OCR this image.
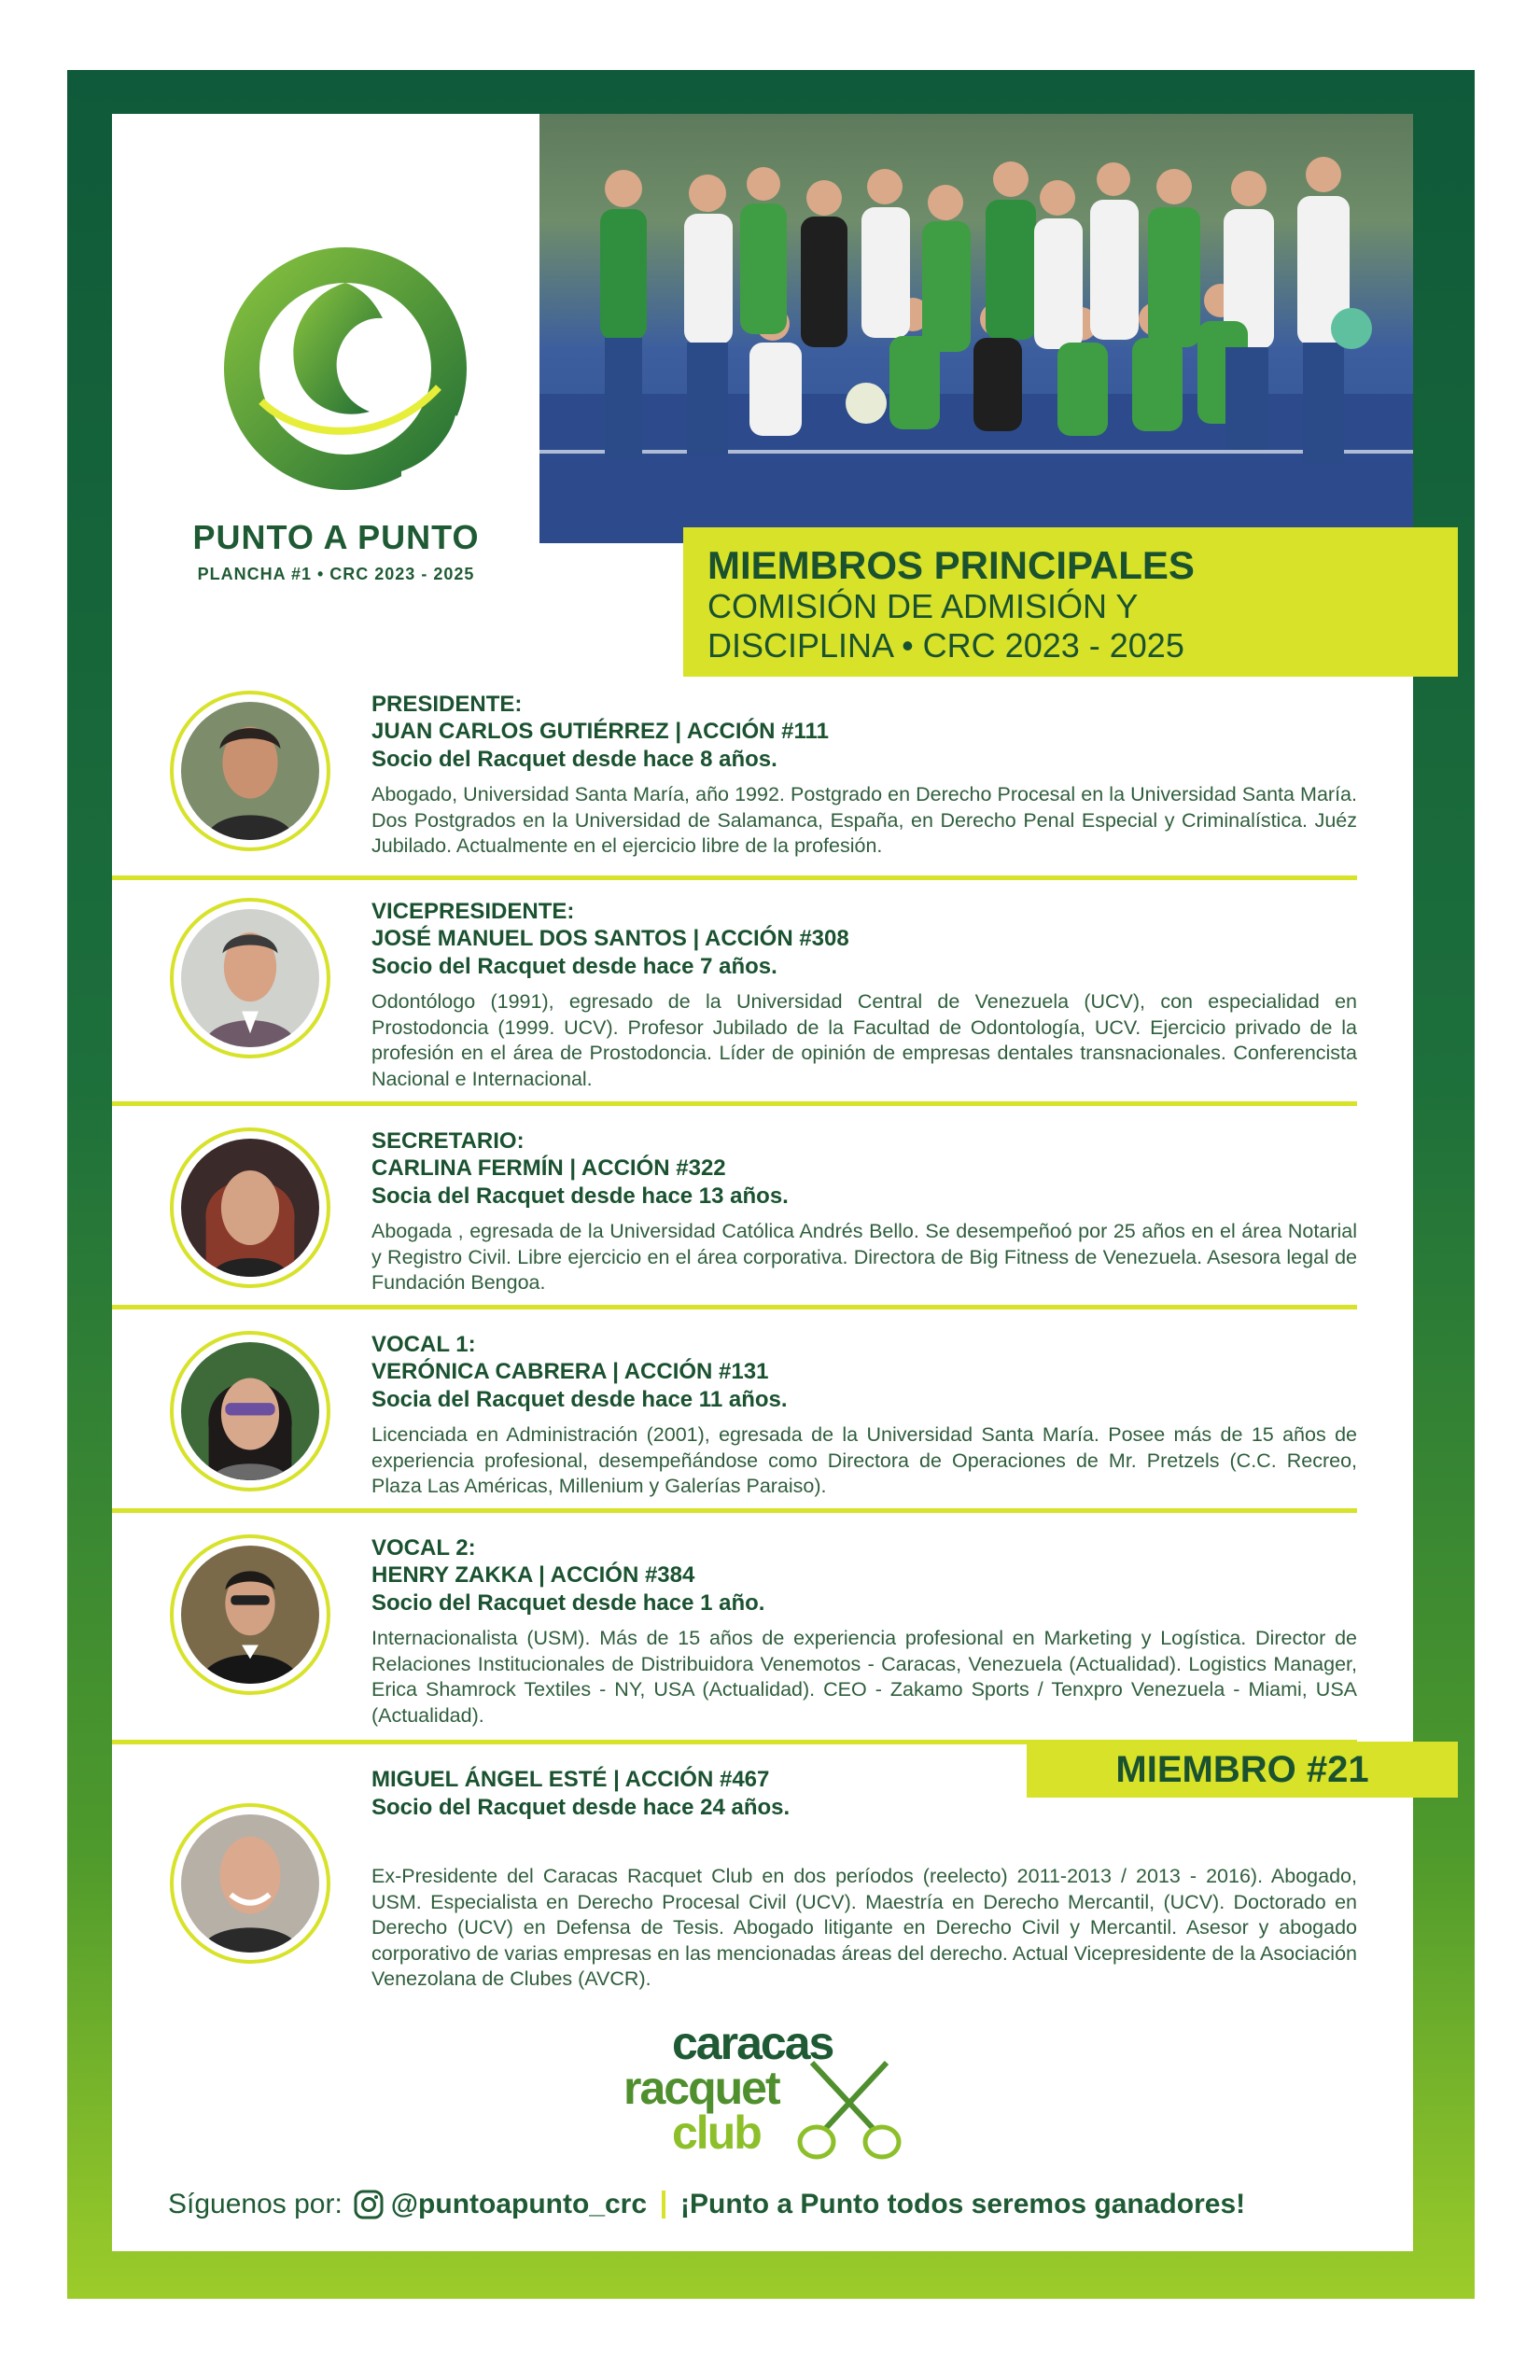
PUNTO A PUNTO
PLANCHA #1 • CRC 2023 - 2025	MIEMBROS PRINCIPALES
COMISIÓN DE ADMISIÓN Y
DISCIPLINA • CRC 2023 - 2025
PRESIDENTE:
JUAN CARLOS GUTIÉRREZ | ACCIÓN #111
Socio del Racquet desde hace 8 años.
Abogado, Universidad Santa María, año 1992. Postgrado en Derecho Procesal en la Universidad Santa María. Dos Postgrados en la Universidad de Salamanca, España, en Derecho Penal Especial y Criminalística. Juéz Jubilado. Actualmente en el ejercicio libre de la profesión.
VICEPRESIDENTE:
JOSÉ MANUEL DOS SANTOS | ACCIÓN #308
Socio del Racquet desde hace 7 años.
Odontólogo (1991), egresado de la Universidad Central de Venezuela (UCV), con especialidad en Prostodoncia (1999. UCV). Profesor Jubilado de la Facultad de Odontología, UCV. Ejercicio privado de la profesión en el área de Prostodoncia. Líder de opinión de empresas dentales transnacionales. Conferencista Nacional e Internacional.
SECRETARIO:
CARLINA FERMÍN | ACCIÓN #322
Socia del Racquet desde hace 13 años.
Abogada , egresada de la Universidad Católica Andrés Bello. Se desempeñoó por 25 años en el área Notarial y Registro Civil. Libre ejercicio en el área corporativa. Directora de Big Fitness de Venezuela. Asesora legal de Fundación Bengoa.
VOCAL 1:
VERÓNICA CABRERA | ACCIÓN #131
Socia del Racquet desde hace 11 años.
Licenciada en Administración (2001), egresada de la Universidad Santa María. Posee más de 15 años de experiencia profesional, desempeñándose como Directora de Operaciones de Mr. Pretzels (C.C. Recreo, Plaza Las Américas, Millenium y Galerías Paraiso).
VOCAL 2:
HENRY ZAKKA | ACCIÓN #384
Socio del Racquet desde hace 1 año.
Internacionalista (USM). Más de 15 años de experiencia profesional en Marketing y Logística. Director de Relaciones Institucionales de Distribuidora Venemotos - Caracas, Venezuela (Actualidad). Logistics Manager, Erica Shamrock Textiles - NY, USA (Actualidad). CEO - Zakamo Sports / Tenxpro Venezuela - Miami, USA (Actualidad).
MIEMBRO #21
MIGUEL ÁNGEL ESTÉ | ACCIÓN #467
Socio del Racquet desde hace 24 años.
Ex-Presidente del Caracas Racquet Club en dos períodos (reelecto) 2011-2013 / 2013 - 2016). Abogado, USM. Especialista en Derecho Procesal Civil (UCV). Maestría en Derecho Mercantil, (UCV). Doctorado en Derecho (UCV) en Defensa de Tesis. Abogado litigante en Derecho Civil y Mercantil. Asesor y abogado corporativo de varias empresas en las mencionadas áreas del derecho. Actual Vicepresidente de la Asociación Venezolana de Clubes (AVCR).
caracas
racquet
club
Síguenos por: @puntoapunto_crc ¡Punto a Punto todos seremos ganadores!
